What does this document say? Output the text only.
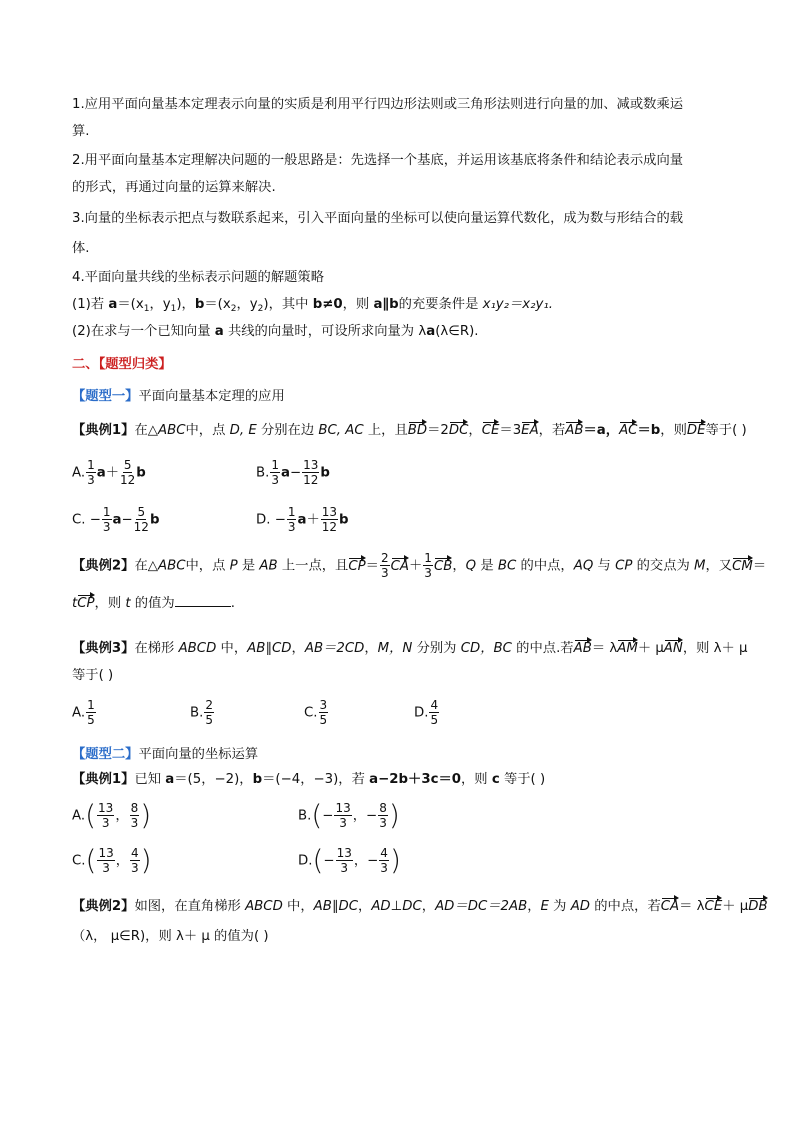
1.应用平面向量基本定理表示向量的实质是利用平行四边形法则或三角形法则进行向量的加、减或数乘运
算.
2.用平面向量基本定理解决问题的一般思路是：先选择一个基底，并运用该基底将条件和结论表示成向量
的形式，再通过向量的运算来解决.
3.向量的坐标表示把点与数联系起来，引入平面向量的坐标可以使向量运算代数化，成为数与形结合的载
体.
4.平面向量共线的坐标表示问题的解题策略
(1)若 $a=(x_1$，$y_1$)，$b=(x_2$，$y_2$)，其中 b≠0，则 a∥b的充要条件是 x₁y₂＝x₂y₁.
(2)在求与一个已知向量 a 共线的向量时，可设所求向量为 λa(λ∈R).
二、【题型归类】
【题型一】平面向量基本定理的应用
【典例1】在△ABC中，点 D, E 分别在边 BC, AC 上，且BD＝2DC，CE＝3EA，若AB＝a，AC＝b，则DE等于( )
A. $\frac{1}{3} a+ \frac{5}{12}$ b	B. $\frac{1}{3} a- \frac{13}{12}$ b
C. − $\frac{1}{3} a- \frac{5}{12}$ b	D. − $\frac{1}{3} a+ \frac{13}{12}$ b
【典例2】在△ABC中，点 P 是 AB 上一点，且$CP= \frac{2}{3} CA+ \frac{1}{3}$ CB，Q 是 BC 的中点，AQ 与 CP 的交点为 M，又CM＝
tCP，则 t 的值为	.
【典例3】在梯形 ABCD 中，AB∥CD，AB＝2CD，M，N 分别为 CD，BC 的中点.若AB＝ λAM＋ μAN，则 λ＋ μ
等于( )
A. $\frac{1}{5}$	B. $\frac{2}{5}$	C. $\frac{3}{5}$	D. $\frac{4}{5}$
【题型二】平面向量的坐标运算
【典例1】已知 a＝(5，−2)，b＝(−4，−3)，若 a−2b＋3c＝0，则 c 等于( )
$A.( \frac{13}{3}$ ， $\frac{8}{3}$ )	$B.(- \frac{13}{3}$ ，− $\frac{8}{3}$ )
$C.( \frac{13}{3}$ ， $\frac{4}{3}$ )	$D.(- \frac{13}{3}$ ，− $\frac{4}{3}$ )
【典例2】如图，在直角梯形 ABCD 中，AB∥DC，AD⊥DC，AD＝DC＝2AB，E 为 AD 的中点，若CA＝ λCE＋ μDB
（λ， μ∈R)，则 λ＋ μ 的值为( )
